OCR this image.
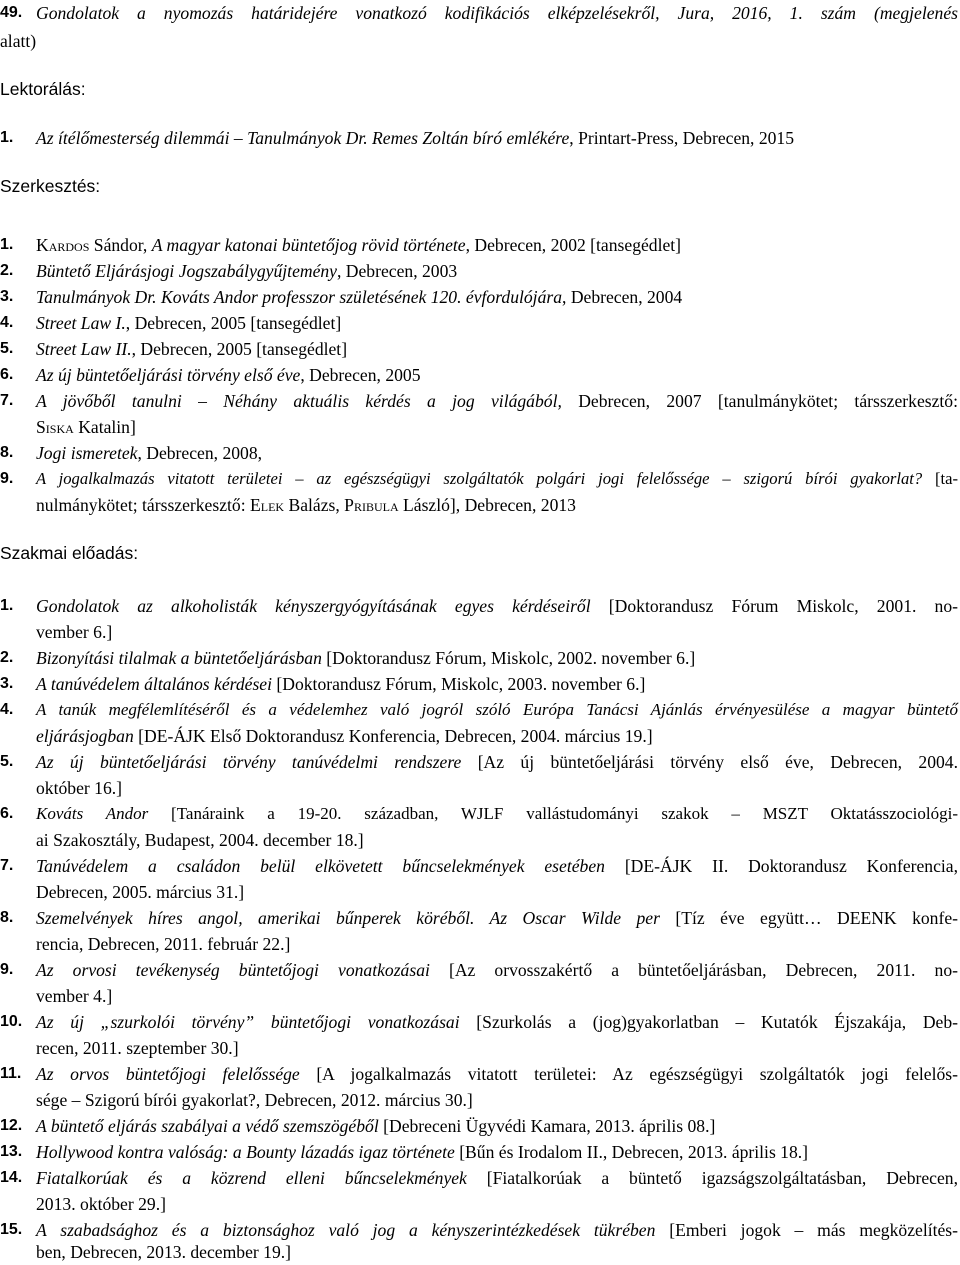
49. Gondolatok a nyomozás határidejére vonatkozó kodifikációs elképzelésekről, Jura, 2016, 1. szám (megjelenés
alatt)
Lektorálás:
1.	Az ítélőmesterség dilemmái – Tanulmányok Dr. Remes Zoltán bíró emlékére, Printart-Press, Debrecen, 2015
Szerkesztés:
1.	Kardos Sándor, A magyar katonai büntetőjog rövid története, Debrecen, 2002 [tansegédlet]
2.	Büntető Eljárásjogi Jogszabálygyűjtemény, Debrecen, 2003
3.	Tanulmányok Dr. Kováts Andor professzor születésének 120. évfordulójára, Debrecen, 2004
4.	Street Law I., Debrecen, 2005 [tansegédlet]
5.	Street Law II., Debrecen, 2005 [tansegédlet]
6.	Az új büntetőeljárási törvény első éve, Debrecen, 2005
7.	A jövőből tanulni – Néhány aktuális kérdés a jog világából, Debrecen, 2007 [tanulmánykötet; társszerkesztő:
Siska Katalin]
8.	Jogi ismeretek, Debrecen, 2008,
9.	A jogalkalmazás vitatott területei – az egészségügyi szolgáltatók polgári jogi felelőssége – szigorú bírói gyakorlat? [ta-
nulmánykötet; társszerkesztő: Elek Balázs, Pribula László], Debrecen, 2013
Szakmai előadás:
1.	Gondolatok az alkoholisták kényszergyógyításának egyes kérdéseiről [Doktorandusz Fórum Miskolc, 2001. no-
vember 6.]
2.	Bizonyítási tilalmak a büntetőeljárásban [Doktorandusz Fórum, Miskolc, 2002. november 6.]
3.	A tanúvédelem általános kérdései [Doktorandusz Fórum, Miskolc, 2003. november 6.]
4.	A tanúk megfélemlítéséről és a védelemhez való jogról szóló Európa Tanácsi Ajánlás érvényesülése a magyar büntető
eljárásjogban [DE-ÁJK Első Doktorandusz Konferencia, Debrecen, 2004. március 19.]
5.	Az új büntetőeljárási törvény tanúvédelmi rendszere [Az új büntetőeljárási törvény első éve, Debrecen, 2004.
október 16.]
6.	Kováts Andor [Tanáraink a 19-20. században, WJLF vallástudományi szakok – MSZT Oktatásszociológi-
ai Szakosztály, Budapest, 2004. december 18.]
7.	Tanúvédelem a családon belül elkövetett bűncselekmények esetében [DE-ÁJK II. Doktorandusz Konferencia,
Debrecen, 2005. március 31.]
8.	Szemelvények híres angol, amerikai bűnperek köréből. Az Oscar Wilde per [Tíz éve együtt… DEENK konfe-
rencia, Debrecen, 2011. február 22.]
9.	Az orvosi tevékenység büntetőjogi vonatkozásai [Az orvosszakértő a büntetőeljárásban, Debrecen, 2011. no-
vember 4.]
10. Az új „szurkolói törvény” büntetőjogi vonatkozásai [Szurkolás a (jog)gyakorlatban – Kutatók Éjszakája, Deb-
recen, 2011. szeptember 30.]
11. Az orvos büntetőjogi felelőssége [A jogalkalmazás vitatott területei: Az egészségügyi szolgáltatók jogi felelős-
sége – Szigorú bírói gyakorlat?, Debrecen, 2012. március 30.]
12. A büntető eljárás szabályai a védő szemszögéből [Debreceni Ügyvédi Kamara, 2013. április 08.]
13. Hollywood kontra valóság: a Bounty lázadás igaz története [Bűn és Irodalom II., Debrecen, 2013. április 18.]
14. Fiatalkorúak és a közrend elleni bűncselekmények [Fiatalkorúak a büntető igazságszolgáltatásban, Debrecen,
2013. október 29.]
15. A szabadsághoz és a biztonsághoz való jog a kényszerintézkedések tükrében [Emberi jogok – más megközelítés-
ben, Debrecen, 2013. december 19.]
